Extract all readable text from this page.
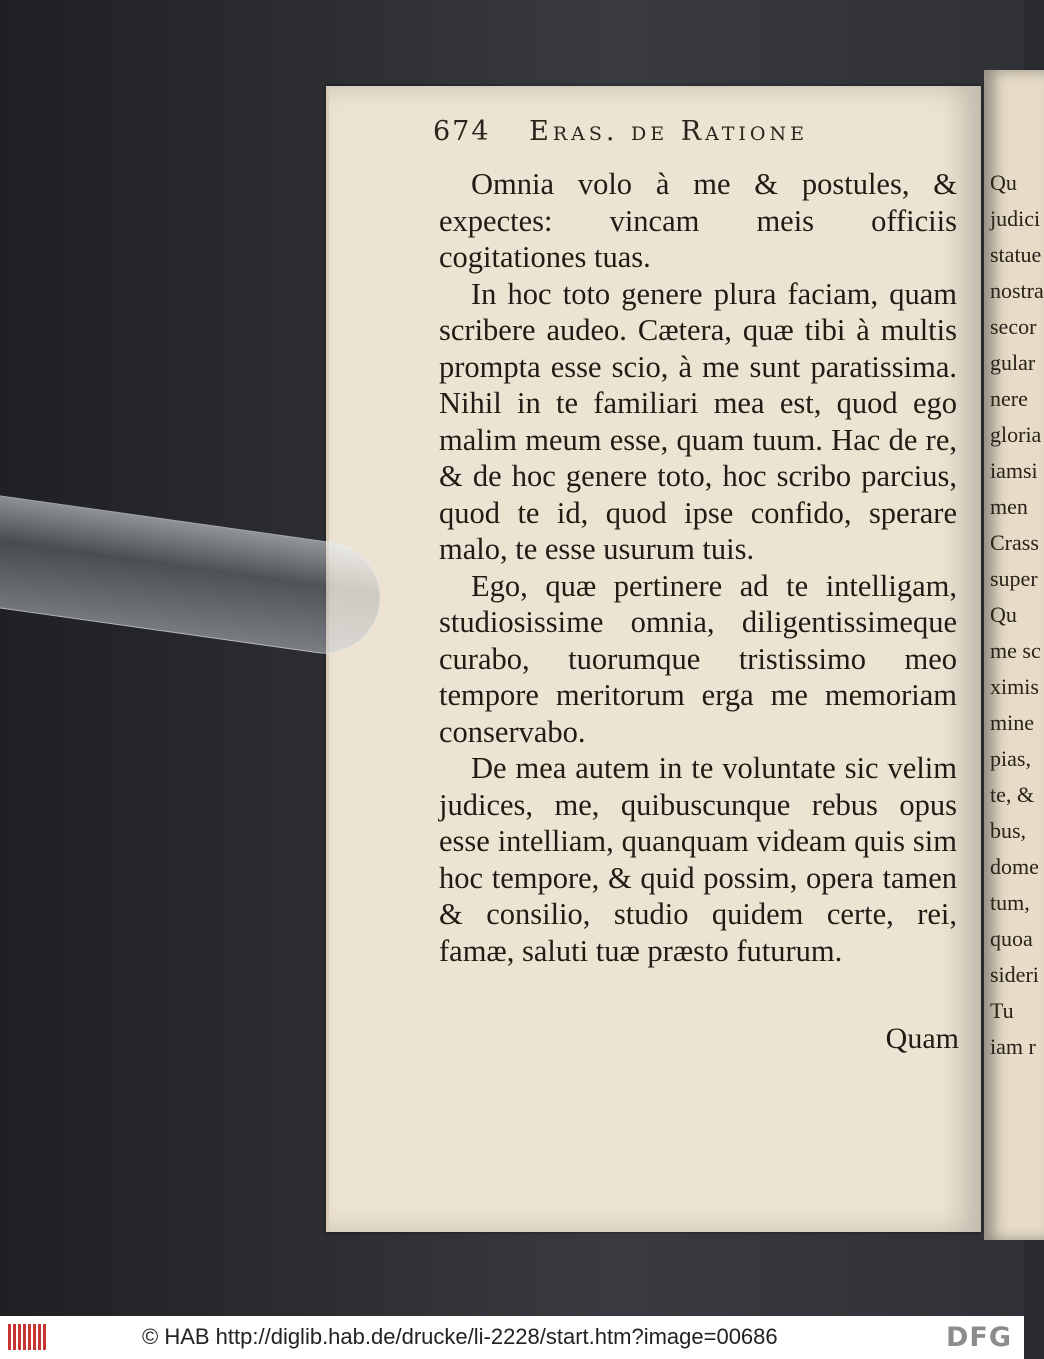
Qu
judici
statue
nostra
secor
gular
nere
gloria
iamsi
men
Crass
super
Qu
me sc
ximis
mine
pias,
te, &
bus,
dome
tum,
quoa
sideri
Tu
iam r
674 Eras. de Ratione

Omnia volo à me & postules, & expectes: vincam meis officiis cogitationes tuas.

In hoc toto genere plura faciam, quam scribere audeo. Cætera, quæ tibi à multis prompta esse scio, à me sunt paratissima. Nihil in te familiari mea est, quod ego malim meum esse, quam tuum. Hac de re, & de hoc genere toto, hoc scribo parcius, quod te id, quod ipse confido, sperare malo, te esse usurum tuis.

Ego, quæ pertinere ad te intelligam, studiosissime omnia, diligentissimeque curabo, tuorumque tristissimo meo tempore meritorum erga me memoriam conservabo.

De mea autem in te voluntate sic velim judices, me, quibuscunque rebus opus esse intelliam, quanquam videam quis sim hoc tempore, & quid possim, opera tamen & consilio, studio quidem certe, rei, famæ, saluti tuæ præsto futurum.

Quam
© HAB http://diglib.hab.de/drucke/li-2228/start.htm?image=00686	DFG
